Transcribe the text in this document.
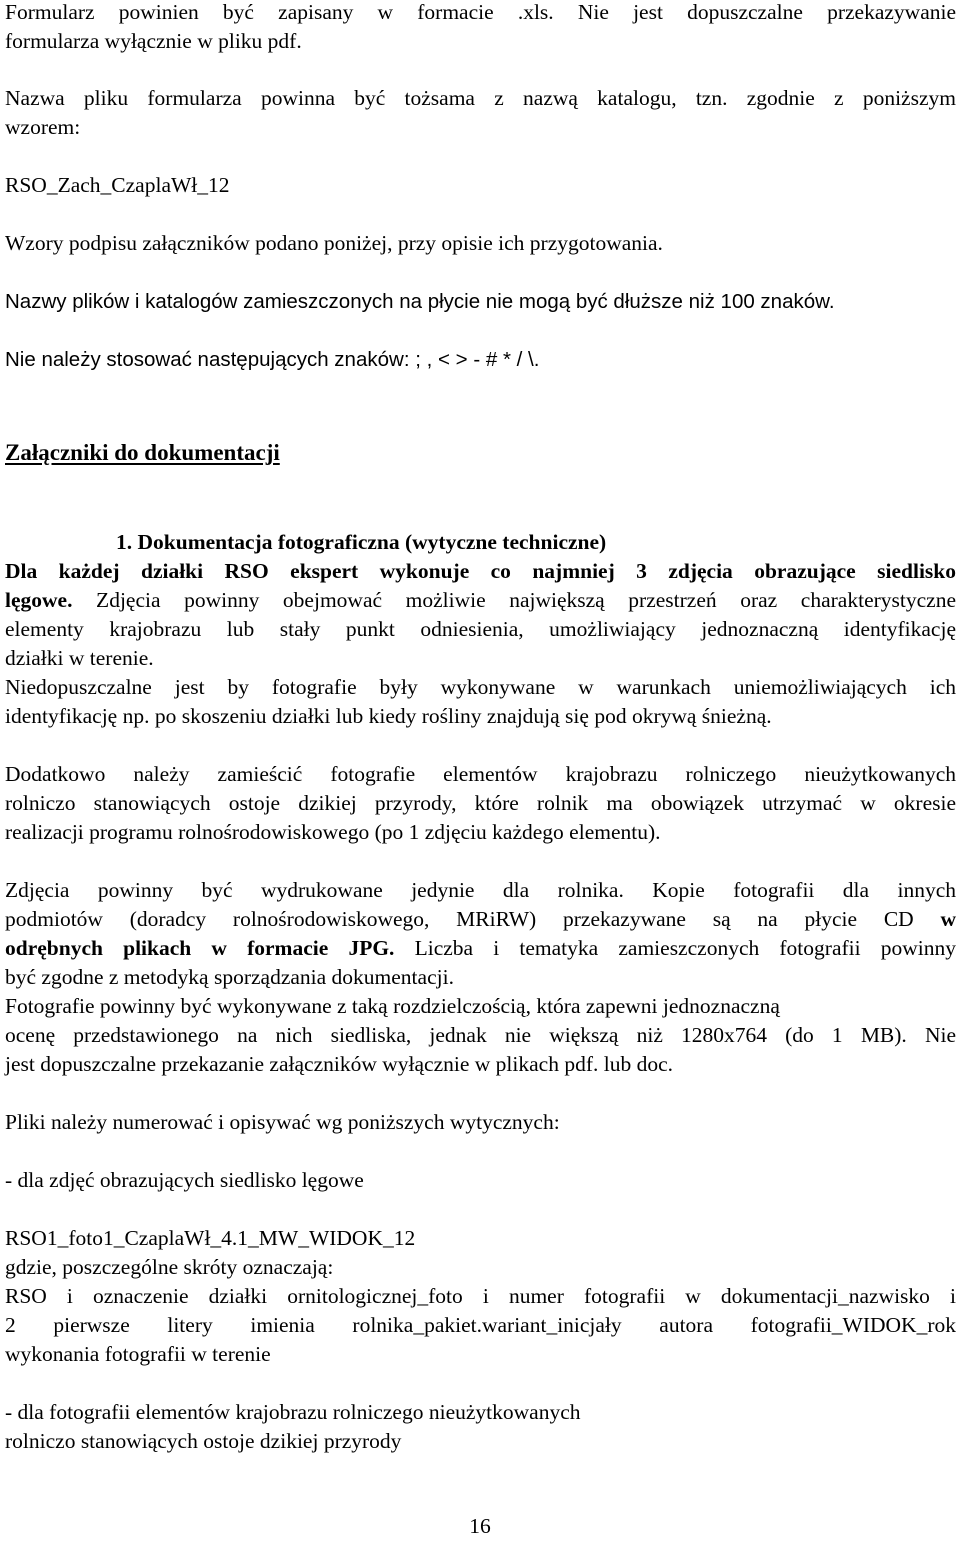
Formularz powinien być zapisany w formacie .xls. Nie jest dopuszczalne przekazywanie
formularza wyłącznie w pliku pdf.
Nazwa pliku formularza powinna być tożsama z nazwą katalogu, tzn. zgodnie z poniższym
wzorem:
RSO_Zach_CzaplaWł_12
Wzory podpisu załączników podano poniżej, przy opisie ich przygotowania.
Nazwy plików i katalogów zamieszczonych na płycie nie mogą być dłuższe niż 100 znaków.
Nie należy stosować następujących znaków: ; , < > - # * / \.
Załączniki do dokumentacji
1. Dokumentacja fotograficzna (wytyczne techniczne)
Dla każdej działki RSO ekspert wykonuje co najmniej 3 zdjęcia obrazujące siedlisko
lęgowe. Zdjęcia powinny obejmować możliwie największą przestrzeń oraz charakterystyczne
elementy krajobrazu lub stały punkt odniesienia, umożliwiający jednoznaczną identyfikację
działki w terenie.
Niedopuszczalne jest by fotografie były wykonywane w warunkach uniemożliwiających ich
identyfikację np. po skoszeniu działki lub kiedy rośliny znajdują się pod okrywą śnieżną.
Dodatkowo należy zamieścić fotografie elementów krajobrazu rolniczego nieużytkowanych
rolniczo stanowiących ostoje dzikiej przyrody, które rolnik ma obowiązek utrzymać w okresie
realizacji programu rolnośrodowiskowego (po 1 zdjęciu każdego elementu).
Zdjęcia powinny być wydrukowane jedynie dla rolnika. Kopie fotografii dla innych
podmiotów (doradcy rolnośrodowiskowego, MRiRW) przekazywane są na płycie CD w
odrębnych plikach w formacie JPG. Liczba i tematyka zamieszczonych fotografii powinny
być zgodne z metodyką sporządzania dokumentacji.
Fotografie powinny być wykonywane z taką rozdzielczością, która zapewni jednoznaczną
ocenę przedstawionego na nich siedliska, jednak nie większą niż 1280x764 (do 1 MB). Nie
jest dopuszczalne przekazanie załączników wyłącznie w plikach pdf. lub doc.
Pliki należy numerować i opisywać wg poniższych wytycznych:
- dla zdjęć obrazujących siedlisko lęgowe
RSO1_foto1_CzaplaWł_4.1_MW_WIDOK_12
gdzie, poszczególne skróty oznaczają:
RSO i oznaczenie działki ornitologicznej_foto i numer fotografii w dokumentacji_nazwisko i
2 pierwsze litery imienia rolnika_pakiet.wariant_inicjały autora fotografii_WIDOK_rok
wykonania fotografii w terenie
- dla fotografii elementów krajobrazu rolniczego nieużytkowanych
rolniczo stanowiących ostoje dzikiej przyrody
16
